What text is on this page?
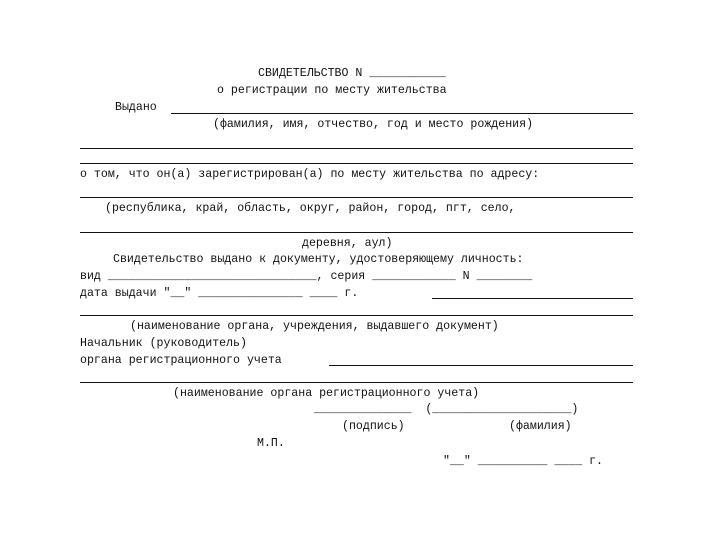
СВИДЕТЕЛЬСТВО N ___________
о регистрации по месту жительства
Выдано
(фамилия, имя, отчество, год и место рождения)
о том, что он(а) зарегистрирован(а) по месту жительства по адресу:
(республика, край, область, округ, район, город, пгт, село,
деревня, аул)
Свидетельство выдано к документу, удостоверяющему личность:
вид ______________________________, серия ____________ N ________
дата выдачи "__" _______________ ____ г.
(наименование органа, учреждения, выдавшего документ)
Начальник (руководитель)
органа регистрационного учета
(наименование органа регистрационного учета)
______________  (____________________)
(подпись)	(фамилия)
М.П.
"__" __________ ____ г.
